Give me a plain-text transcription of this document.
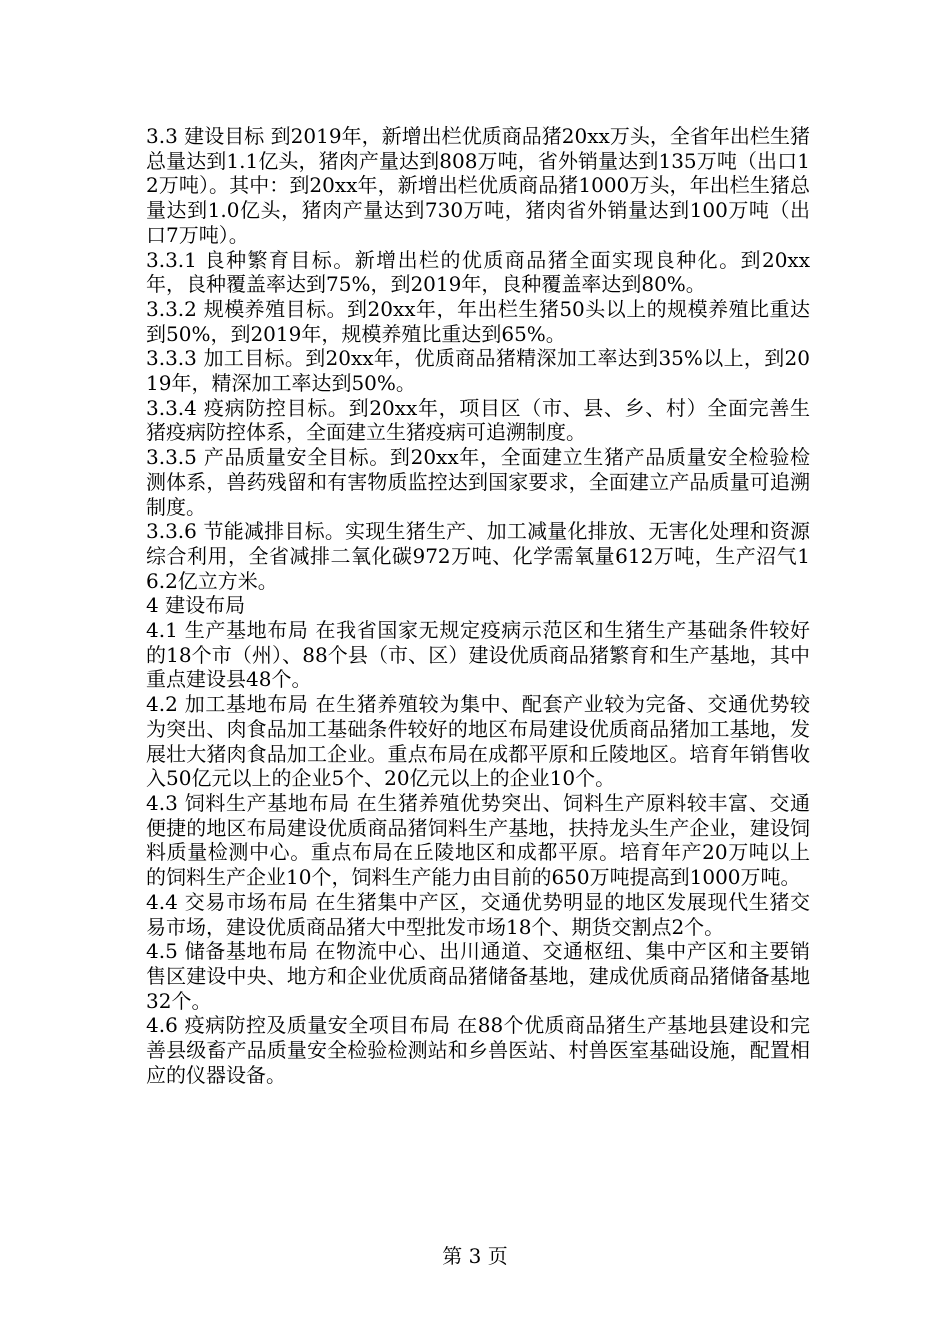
3.3 建设目标 到2019年，新增出栏优质商品猪20xx万头，全省年出栏生猪总量达到1.1亿头，猪肉产量达到808万吨，省外销量达到135万吨（出口12万吨）。其中：到20xx年，新增出栏优质商品猪1000万头，年出栏生猪总量达到1.0亿头，猪肉产量达到730万吨，猪肉省外销量达到100万吨（出口7万吨）。

3.3.1 良种繁育目标。新增出栏的优质商品猪全面实现良种化。到20xx年，良种覆盖率达到75%，到2019年，良种覆盖率达到80%。

3.3.2 规模养殖目标。到20xx年，年出栏生猪50头以上的规模养殖比重达到50%，到2019年，规模养殖比重达到65%。

3.3.3 加工目标。到20xx年，优质商品猪精深加工率达到35%以上，到2019年，精深加工率达到50%。

3.3.4 疫病防控目标。到20xx年，项目区（市、县、乡、村）全面完善生猪疫病防控体系，全面建立生猪疫病可追溯制度。

3.3.5 产品质量安全目标。到20xx年，全面建立生猪产品质量安全检验检测体系，兽药残留和有害物质监控达到国家要求，全面建立产品质量可追溯制度。

3.3.6 节能减排目标。实现生猪生产、加工减量化排放、无害化处理和资源综合利用，全省减排二氧化碳972万吨、化学需氧量612万吨，生产沼气16.2亿立方米。

4 建设布局

4.1 生产基地布局 在我省国家无规定疫病示范区和生猪生产基础条件较好的18个市（州）、88个县（市、区）建设优质商品猪繁育和生产基地，其中重点建设县48个。

4.2 加工基地布局 在生猪养殖较为集中、配套产业较为完备、交通优势较为突出、肉食品加工基础条件较好的地区布局建设优质商品猪加工基地，发展壮大猪肉食品加工企业。重点布局在成都平原和丘陵地区。培育年销售收入50亿元以上的企业5个、20亿元以上的企业10个。

4.3 饲料生产基地布局 在生猪养殖优势突出、饲料生产原料较丰富、交通便捷的地区布局建设优质商品猪饲料生产基地，扶持龙头生产企业，建设饲料质量检测中心。重点布局在丘陵地区和成都平原。培育年产20万吨以上的饲料生产企业10个，饲料生产能力由目前的650万吨提高到1000万吨。

4.4 交易市场布局 在生猪集中产区，交通优势明显的地区发展现代生猪交易市场，建设优质商品猪大中型批发市场18个、期货交割点2个。

4.5 储备基地布局 在物流中心、出川通道、交通枢纽、集中产区和主要销售区建设中央、地方和企业优质商品猪储备基地，建成优质商品猪储备基地32个。

4.6 疫病防控及质量安全项目布局 在88个优质商品猪生产基地县建设和完善县级畜产品质量安全检验检测站和乡兽医站、村兽医室基础设施，配置相应的仪器设备。

第 3 页
